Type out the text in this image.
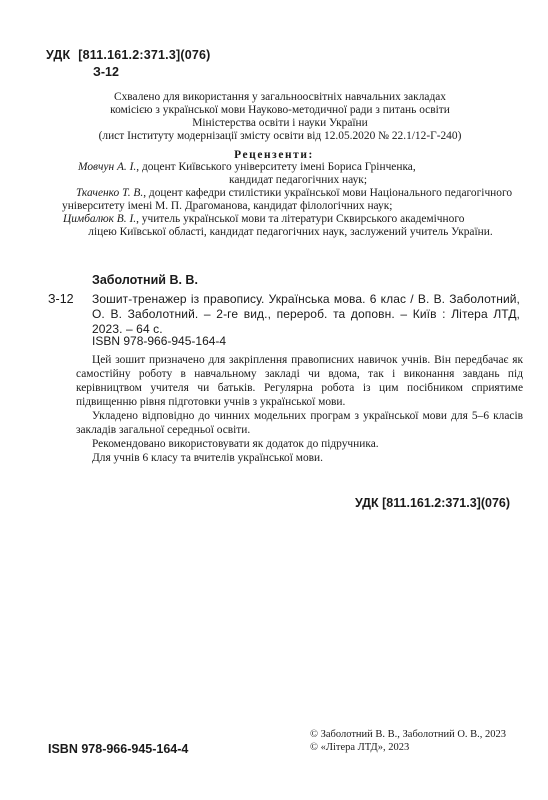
УДК [811.161.2:371.3](076)
З-12
Схвалено для використання у загальноосвітніх навчальних закладах
комісією з української мови Науково-методичної ради з питань освіти
Міністерства освіти і науки України
(лист Інституту модернізації змісту освіти від 12.05.2020 № 22.1/12-Г-240)
Рецензенти:

Мовчун А. І., доцент Київського університету імені Бориса Грінченка,
кандидат педагогічних наук;

Ткаченко Т. В., доцент кафедри стилістики української мови Національного педагогічного університету імені М. П. Драгоманова, кандидат філологічних наук;

Цимбалюк В. І., учитель української мови та літератури Сквирського академічного
ліцею Київської області, кандидат педагогічних наук, заслужений учитель України.

Заболотний В. В.
З-12 Зошит-тренажер із правопису. Українська мова. 6 клас / В. В. Заболотний, О. В. Заболотний. – 2-ге вид., перероб. та доповн. – Київ : Літера ЛТД, 2023. – 64 с.
ISBN 978-966-945-164-4

Цей зошит призначено для закріплення правописних навичок учнів. Він передбачає як самостійну роботу в навчальному закладі чи вдома, так і виконання завдань під керівництвом учителя чи батьків. Регулярна робота із цим посібником сприятиме підвищенню рівня підготовки учнів з української мови.

Укладено відповідно до чинних модельних програм з української мови для 5–6 класів закладів загальної середньої освіти.

Рекомендовано використовувати як додаток до підручника.

Для учнів 6 класу та вчителів української мови.

УДК [811.161.2:371.3](076)
ISBN 978-966-945-164-4
© Заболотний В. В., Заболотний О. В., 2023
© «Літера ЛТД», 2023
